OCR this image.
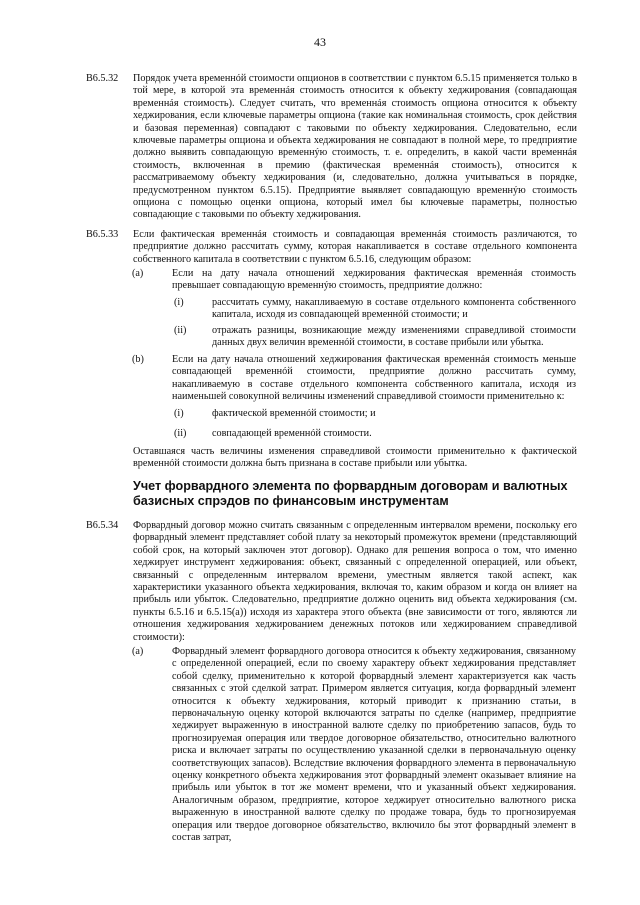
43
B6.5.32	Порядок учета временнóй стоимости опционов в соответствии с пунктом 6.5.15 применяется только в той мере, в которой эта временнáя стоимость относится к объекту хеджирования (совпадающая временнáя стоимость). Следует считать, что временнáя стоимость опциона относится к объекту хеджирования, если ключевые параметры опциона (такие как номинальная стоимость, срок действия и базовая переменная) совпадают с таковыми по объекту хеджирования. Следовательно, если ключевые параметры опциона и объекта хеджирования не совпадают в полной мере, то предприятие должно выявить совпадающую временнýю стоимость, т. е. определить, в какой части временнáя стоимость, включенная в премию (фактическая временнáя стоимость), относится к рассматриваемому объекту хеджирования (и, следовательно, должна учитываться в порядке, предусмотренном пунктом 6.5.15). Предприятие выявляет совпадающую временнýю стоимость опциона с помощью оценки опциона, который имел бы ключевые параметры, полностью совпадающие с таковыми по объекту хеджирования.
B6.5.33	Если фактическая временнáя стоимость и совпадающая временнáя стоимость различаются, то предприятие должно рассчитать сумму, которая накапливается в составе отдельного компонента собственного капитала в соответствии с пунктом 6.5.16, следующим образом:
(a)	Если на дату начала отношений хеджирования фактическая временнáя стоимость превышает совпадающую временнýю стоимость, предприятие должно:
(i)	рассчитать сумму, накапливаемую в составе отдельного компонента собственного капитала, исходя из совпадающей временнóй стоимости; и
(ii)	отражать разницы, возникающие между изменениями справедливой стоимости данных двух величин временнóй стоимости, в составе прибыли или убытка.
(b)	Если на дату начала отношений хеджирования фактическая временнáя стоимость меньше совпадающей временнóй стоимости, предприятие должно рассчитать сумму, накапливаемую в составе отдельного компонента собственного капитала, исходя из наименьшей совокупной величины изменений справедливой стоимости применительно к:
(i)	фактической временнóй стоимости; и
(ii)	совпадающей временнóй стоимости.
Оставшаяся часть величины изменения справедливой стоимости применительно к фактической временнóй стоимости должна быть признана в составе прибыли или убытка.
Учет форвардного элемента по форвардным договорам и валютных базисных спрэдов по финансовым инструментам
B6.5.34	Форвардный договор можно считать связанным с определенным интервалом времени, поскольку его форвардный элемент представляет собой плату за некоторый промежуток времени (представляющий собой срок, на который заключен этот договор). Однако для решения вопроса о том, что именно хеджирует инструмент хеджирования: объект, связанный с определенной операцией, или объект, связанный с определенным интервалом времени, уместным является такой аспект, как характеристики указанного объекта хеджирования, включая то, каким образом и когда он влияет на прибыль или убыток. Следовательно, предприятие должно оценить вид объекта хеджирования (см. пункты 6.5.16 и 6.5.15(a)) исходя из характера этого объекта (вне зависимости от того, являются ли отношения хеджирования хеджированием денежных потоков или хеджированием справедливой стоимости):
(a)	Форвардный элемент форвардного договора относится к объекту хеджирования, связанному с определенной операцией, если по своему характеру объект хеджирования представляет собой сделку, применительно к которой форвардный элемент характеризуется как часть связанных с этой сделкой затрат. Примером является ситуация, когда форвардный элемент относится к объекту хеджирования, который приводит к признанию статьи, в первоначальную оценку которой включаются затраты по сделке (например, предприятие хеджирует выраженную в иностранной валюте сделку по приобретению запасов, будь то прогнозируемая операция или твердое договорное обязательство, относительно валютного риска и включает затраты по осуществлению указанной сделки в первоначальную оценку соответствующих запасов). Вследствие включения форвардного элемента в первоначальную оценку конкретного объекта хеджирования этот форвардный элемент оказывает влияние на прибыль или убыток в тот же момент времени, что и указанный объект хеджирования. Аналогичным образом, предприятие, которое хеджирует относительно валютного риска выраженную в иностранной валюте сделку по продаже товара, будь то прогнозируемая операция или твердое договорное обязательство, включило бы этот форвардный элемент в состав затрат,
